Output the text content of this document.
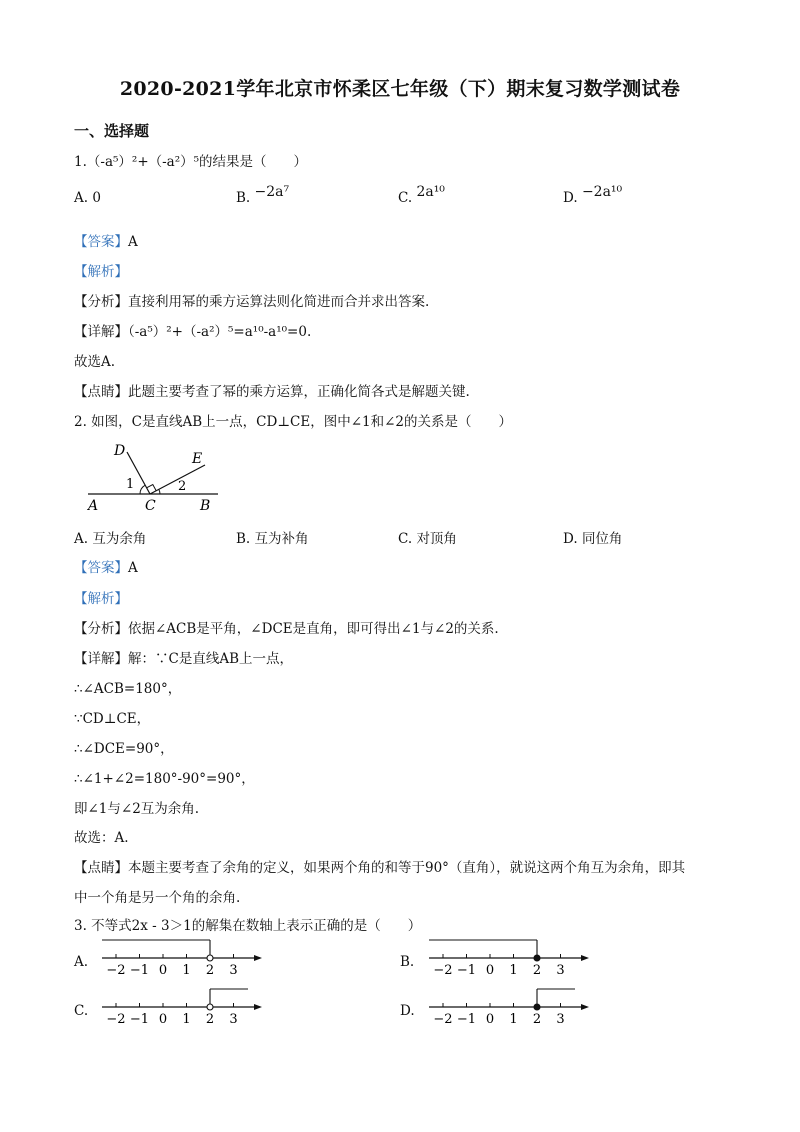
2020-2021学年北京市怀柔区七年级（下）期末复习数学测试卷
一、选择题
1.（-a⁵）²+（-a²）⁵的结果是（　　）
A. 0	B. −2a⁷	C. 2a¹⁰	D. −2a¹⁰
【答案】A
【解析】
【分析】直接利用幂的乘方运算法则化简进而合并求出答案.
【详解】（-a⁵）²+（-a²）⁵=a¹⁰-a¹⁰=0.
故选A.
【点睛】此题主要考查了幂的乘方运算，正确化简各式是解题关键.
2. 如图，C是直线AB上一点，CD⊥CE，图中∠1和∠2的关系是（　　）
D	E
A	C	B
1	2
A. 互为余角	B. 互为补角	C. 对顶角	D. 同位角
【答案】A
【解析】
【分析】依据∠ACB是平角，∠DCE是直角，即可得出∠1与∠2的关系.
【详解】解：∵C是直线AB上一点，
∴∠ACB=180°，
∵CD⊥CE，
∴∠DCE=90°，
∴∠1+∠2=180°-90°=90°，
即∠1与∠2互为余角.
故选：A.
【点睛】本题主要考查了余角的定义，如果两个角的和等于90°（直角），就说这两个角互为余角，即其
中一个角是另一个角的余角.
3. 不等式2x - 3＞1的解集在数轴上表示正确的是（　　）
A.	B.
C.	D.
−2 −1 0 1 2 3	−2 −1 0 1 2 3
−2 −1 0 1 2 3	−2 −1 0 1 2 3
